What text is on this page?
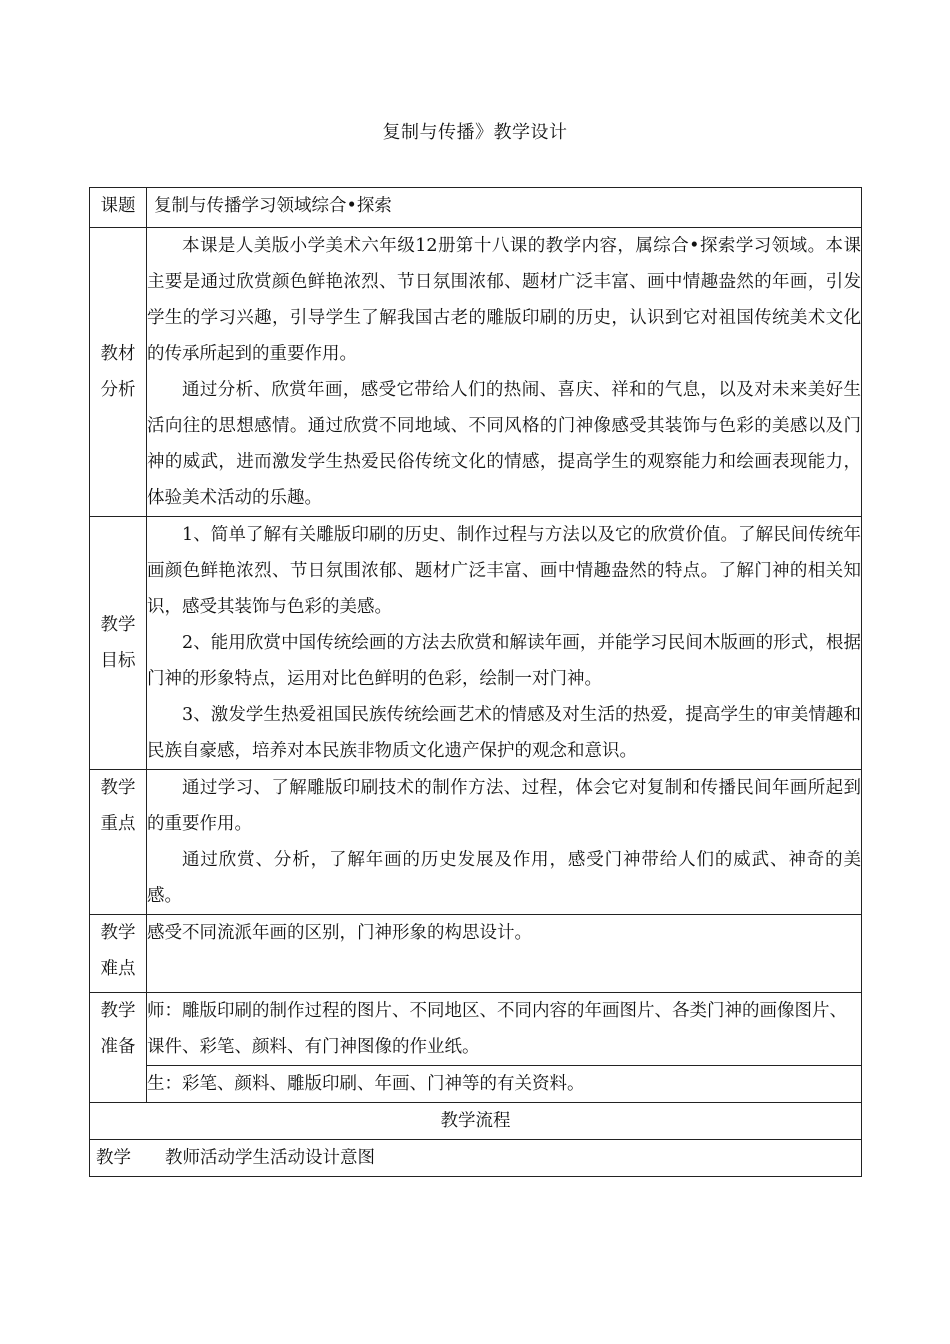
复制与传播》教学设计
课题	复制与传播学习领域综合•探索

教材分析	本课是人美版小学美术六年级12册第十八课的教学内容，属综合•探索学习领域。本课主要是通过欣赏颜色鲜艳浓烈、节日氛围浓郁、题材广泛丰富、画中情趣盎然的年画，引发学生的学习兴趣，引导学生了解我国古老的雕版印刷的历史，认识到它对祖国传统美术文化的传承所起到的重要作用。

通过分析、欣赏年画，感受它带给人们的热闹、喜庆、祥和的气息，以及对未来美好生活向往的思想感情。通过欣赏不同地域、不同风格的门神像感受其装饰与色彩的美感以及门神的威武，进而激发学生热爱民俗传统文化的情感，提高学生的观察能力和绘画表现能力，体验美术活动的乐趣。

教学目标	1、简单了解有关雕版印刷的历史、制作过程与方法以及它的欣赏价值。了解民间传统年画颜色鲜艳浓烈、节日氛围浓郁、题材广泛丰富、画中情趣盎然的特点。了解门神的相关知识，感受其装饰与色彩的美感。

2、能用欣赏中国传统绘画的方法去欣赏和解读年画，并能学习民间木版画的形式，根据门神的形象特点，运用对比色鲜明的色彩，绘制一对门神。

3、激发学生热爱祖国民族传统绘画艺术的情感及对生活的热爱，提高学生的审美情趣和民族自豪感，培养对本民族非物质文化遗产保护的观念和意识。

教学重点	通过学习、了解雕版印刷技术的制作方法、过程，体会它对复制和传播民间年画所起到的重要作用。

通过欣赏、分析，了解年画的历史发展及作用，感受门神带给人们的威武、神奇的美感。

教学难点	感受不同流派年画的区别，门神形象的构思设计。

教学准备	师：雕版印刷的制作过程的图片、不同地区、不同内容的年画图片、各类门神的画像图片、课件、彩笔、颜料、有门神图像的作业纸。

	生：彩笔、颜料、雕版印刷、年画、门神等的有关资料。

教学流程	
教学 教师活动学生活动设计意图	
